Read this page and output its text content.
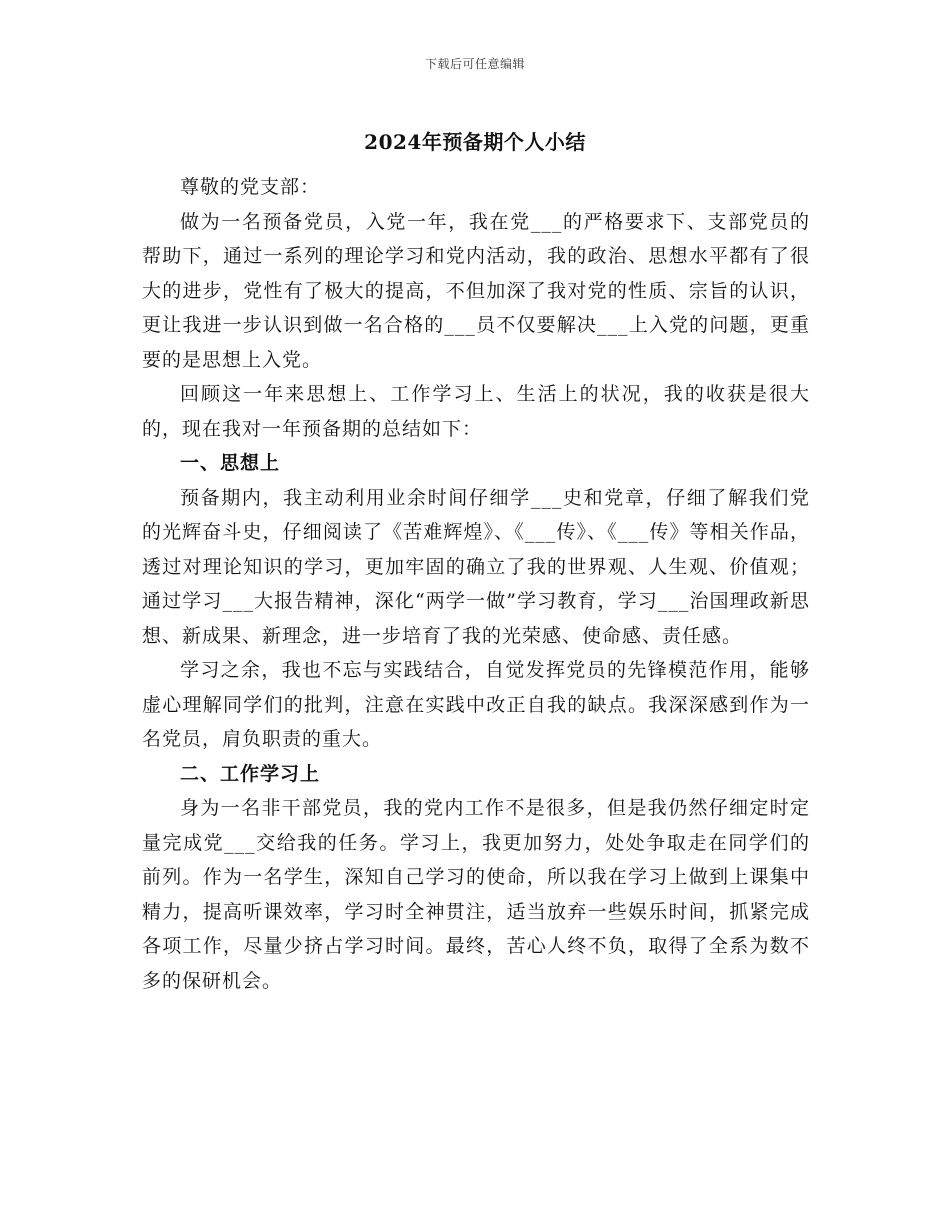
下载后可任意编辑
2024年预备期个人小结

尊敬的党支部：

做为一名预备党员，入党一年，我在党___的严格要求下、支部党员的帮助下，通过一系列的理论学习和党内活动，我的政治、思想水平都有了很大的进步，党性有了极大的提高，不但加深了我对党的性质、宗旨的认识，更让我进一步认识到做一名合格的___员不仅要解决___上入党的问题，更重要的是思想上入党。

回顾这一年来思想上、工作学习上、生活上的状况，我的收获是很大的，现在我对一年预备期的总结如下：

一、思想上

预备期内，我主动利用业余时间仔细学___史和党章，仔细了解我们党的光辉奋斗史，仔细阅读了《苦难辉煌》、《___传》、《___传》等相关作品，透过对理论知识的学习，更加牢固的确立了我的世界观、人生观、价值观；通过学习___大报告精神，深化“两学一做”学习教育，学习___治国理政新思想、新成果、新理念，进一步培育了我的光荣感、使命感、责任感。

学习之余，我也不忘与实践结合，自觉发挥党员的先锋模范作用，能够虚心理解同学们的批判，注意在实践中改正自我的缺点。我深深感到作为一名党员，肩负职责的重大。

二、工作学习上

身为一名非干部党员，我的党内工作不是很多，但是我仍然仔细定时定量完成党___交给我的任务。学习上，我更加努力，处处争取走在同学们的前列。作为一名学生，深知自己学习的使命，所以我在学习上做到上课集中精力，提高听课效率，学习时全神贯注，适当放弃一些娱乐时间，抓紧完成各项工作，尽量少挤占学习时间。最终，苦心人终不负，取得了全系为数不多的保研机会。
